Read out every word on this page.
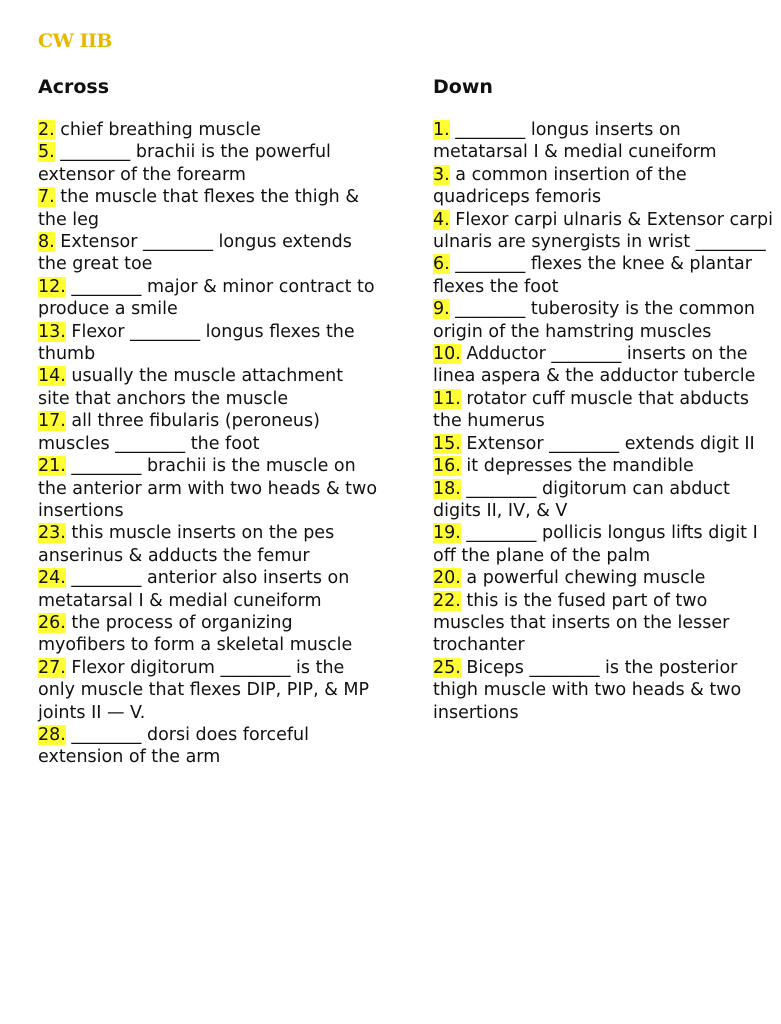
CW IIB
Across
2. chief breathing muscle
5. ________ brachii is the powerful extensor of the forearm
7. the muscle that flexes the thigh & the leg
8. Extensor ________ longus extends the great toe
12. ________ major & minor contract to produce a smile
13. Flexor ________ longus flexes the thumb
14. usually the muscle attachment site that anchors the muscle
17. all three fibularis (peroneus) muscles ________ the foot
21. ________ brachii is the muscle on the anterior arm with two heads & two insertions
23. this muscle inserts on the pes anserinus & adducts the femur
24. ________ anterior also inserts on metatarsal I & medial cuneiform
26. the process of organizing myofibers to form a skeletal muscle
27. Flexor digitorum ________ is the only muscle that flexes DIP, PIP, & MP joints II — V.
28. ________ dorsi does forceful extension of the arm
Down
1. ________ longus inserts on metatarsal I & medial cuneiform
3. a common insertion of the quadriceps femoris
4. Flexor carpi ulnaris & Extensor carpi ulnaris are synergists in wrist ________
6. ________ flexes the knee & plantar flexes the foot
9. ________ tuberosity is the common origin of the hamstring muscles
10. Adductor ________ inserts on the linea aspera & the adductor tubercle
11. rotator cuff muscle that abducts the humerus
15. Extensor ________ extends digit II
16. it depresses the mandible
18. ________ digitorum can abduct digits II, IV, & V
19. ________ pollicis longus lifts digit I off the plane of the palm
20. a powerful chewing muscle
22. this is the fused part of two muscles that inserts on the lesser trochanter
25. Biceps ________ is the posterior thigh muscle with two heads & two insertions
